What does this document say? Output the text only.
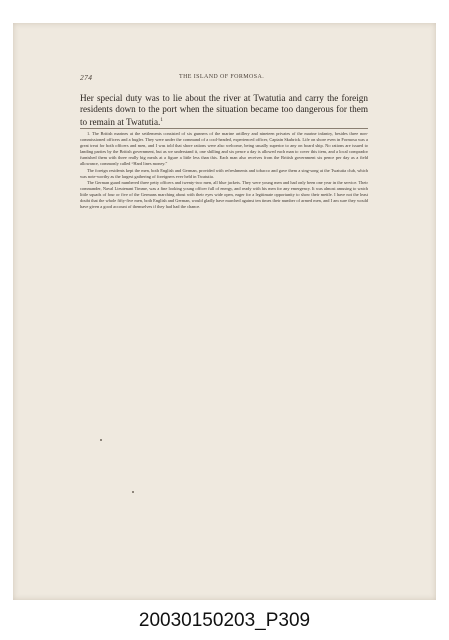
274	THE ISLAND OF FORMOSA.
Her special duty was to lie about the river at Twatutia and carry the foreign residents down to the port when the situation became too dangerous for them to remain at Twatutia.$^1$

1. The British marines at the settlements consisted of six gunners of the marine artillery and nineteen privates of the marine infantry, besides three non-commissioned officers and a bugler. They were under the command of a cool-headed, experienced officer, Captain Skubrick. Life on shore even in Formosa was a great treat for both officers and men, and I was told that shore rations were also welcome, being usually superior to any on board ship. No rations are issued to landing parties by the British government, but as we understand it, one shilling and six pence a day is allowed each man to cover this item, and a local comprador furnished them with three really big meals at a figure a little less than this. Each man also receives from the British government six pence per day as a field allowance, commonly called “Hard lines money.”

The foreign residents kept the men, both English and German, provided with refreshments and tobacco and gave them a sing-song at the Twatutia club, which was note-worthy as the largest gathering of foreigners ever held in Twatutia.

The German guard numbered three petty officers and twenty-two men, all blue jackets. They were young men and had only been one year in the service. Their commander, Naval Lieutenant Timme, was a fine looking young officer full of energy, and ready with his men for any emergency. It was almost amusing to watch little squads of four or five of the Germans marching about with their eyes wide open, eager for a legitimate opportunity to show their mettle. I have not the least doubt that the whole fifty-five men, both English and German, would gladly have marched against ten times their number of armed men, and I am sure they would have given a good account of themselves if they had had the chance.

20030150203_P309
